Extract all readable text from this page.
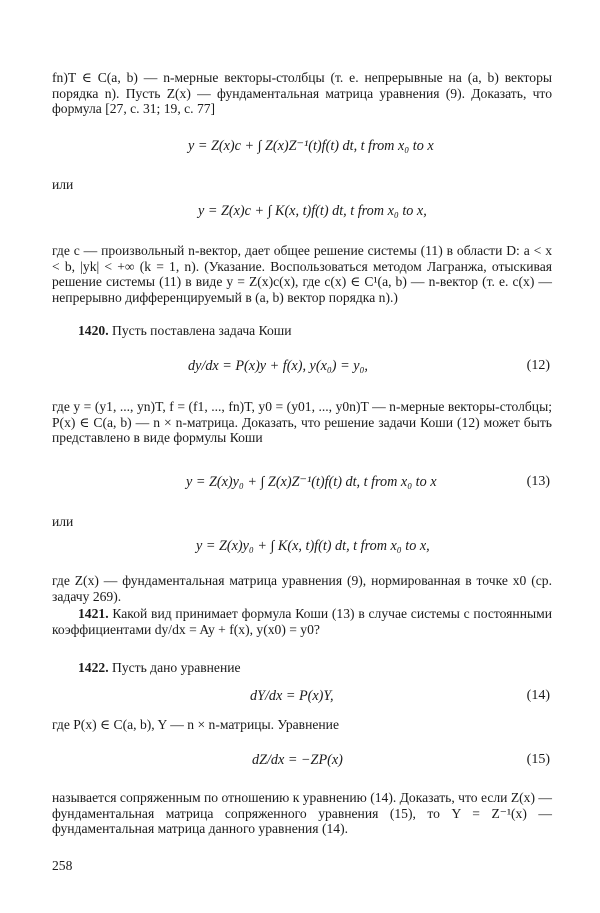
fn)T ∈ C(a, b) — n-мерные векторы-столбцы (т. е. непрерывные на (a, b) векторы порядка n). Пусть Z(x) — фундаментальная матрица уравнения (9). Доказать, что формула [27, с. 31; 19, с. 77]

y = Z(x)c + ∫ Z(x)Z⁻¹(t)f(t) dt, t from x₀ to x
или
y = Z(x)c + ∫ K(x, t)f(t) dt, t from x₀ to x,

где c — произвольный n-вектор, дает общее решение системы (11) в области D: a < x < b, |yk| < +∞ (k = 1, n). (Указание. Воспользоваться методом Лагранжа, отыскивая решение системы (11) в виде y = Z(x)c(x), где c(x) ∈ C¹(a, b) — n-вектор (т. е. c(x) — непрерывно дифференцируемый в (a, b) вектор порядка n).)

1420. Пусть поставлена задача Коши

dy/dx = P(x)y + f(x), y(x₀) = y₀,	(12)

где y = (y1, ..., yn)T, f = (f1, ..., fn)T, y0 = (y01, ..., y0n)T — n-мерные векторы-столбцы; P(x) ∈ C(a, b) — n × n-матрица. Доказать, что решение задачи Коши (12) может быть представлено в виде формулы Коши

y = Z(x)y₀ + ∫ Z(x)Z⁻¹(t)f(t) dt, t from x₀ to x	(13)
или
y = Z(x)y₀ + ∫ K(x, t)f(t) dt, t from x₀ to x,

где Z(x) — фундаментальная матрица уравнения (9), нормированная в точке x0 (ср. задачу 269).

1421. Какой вид принимает формула Коши (13) в случае системы с постоянными коэффициентами dy/dx = Ay + f(x), y(x0) = y0?

1422. Пусть дано уравнение

dY/dx = P(x)Y,	(14)

где P(x) ∈ C(a, b), Y — n × n-матрицы. Уравнение

dZ/dx = −ZP(x)	(15)

называется сопряженным по отношению к уравнению (14). Доказать, что если Z(x) — фундаментальная матрица сопряженного уравнения (15), то Y = Z⁻¹(x) — фундаментальная матрица данного уравнения (14).

258
